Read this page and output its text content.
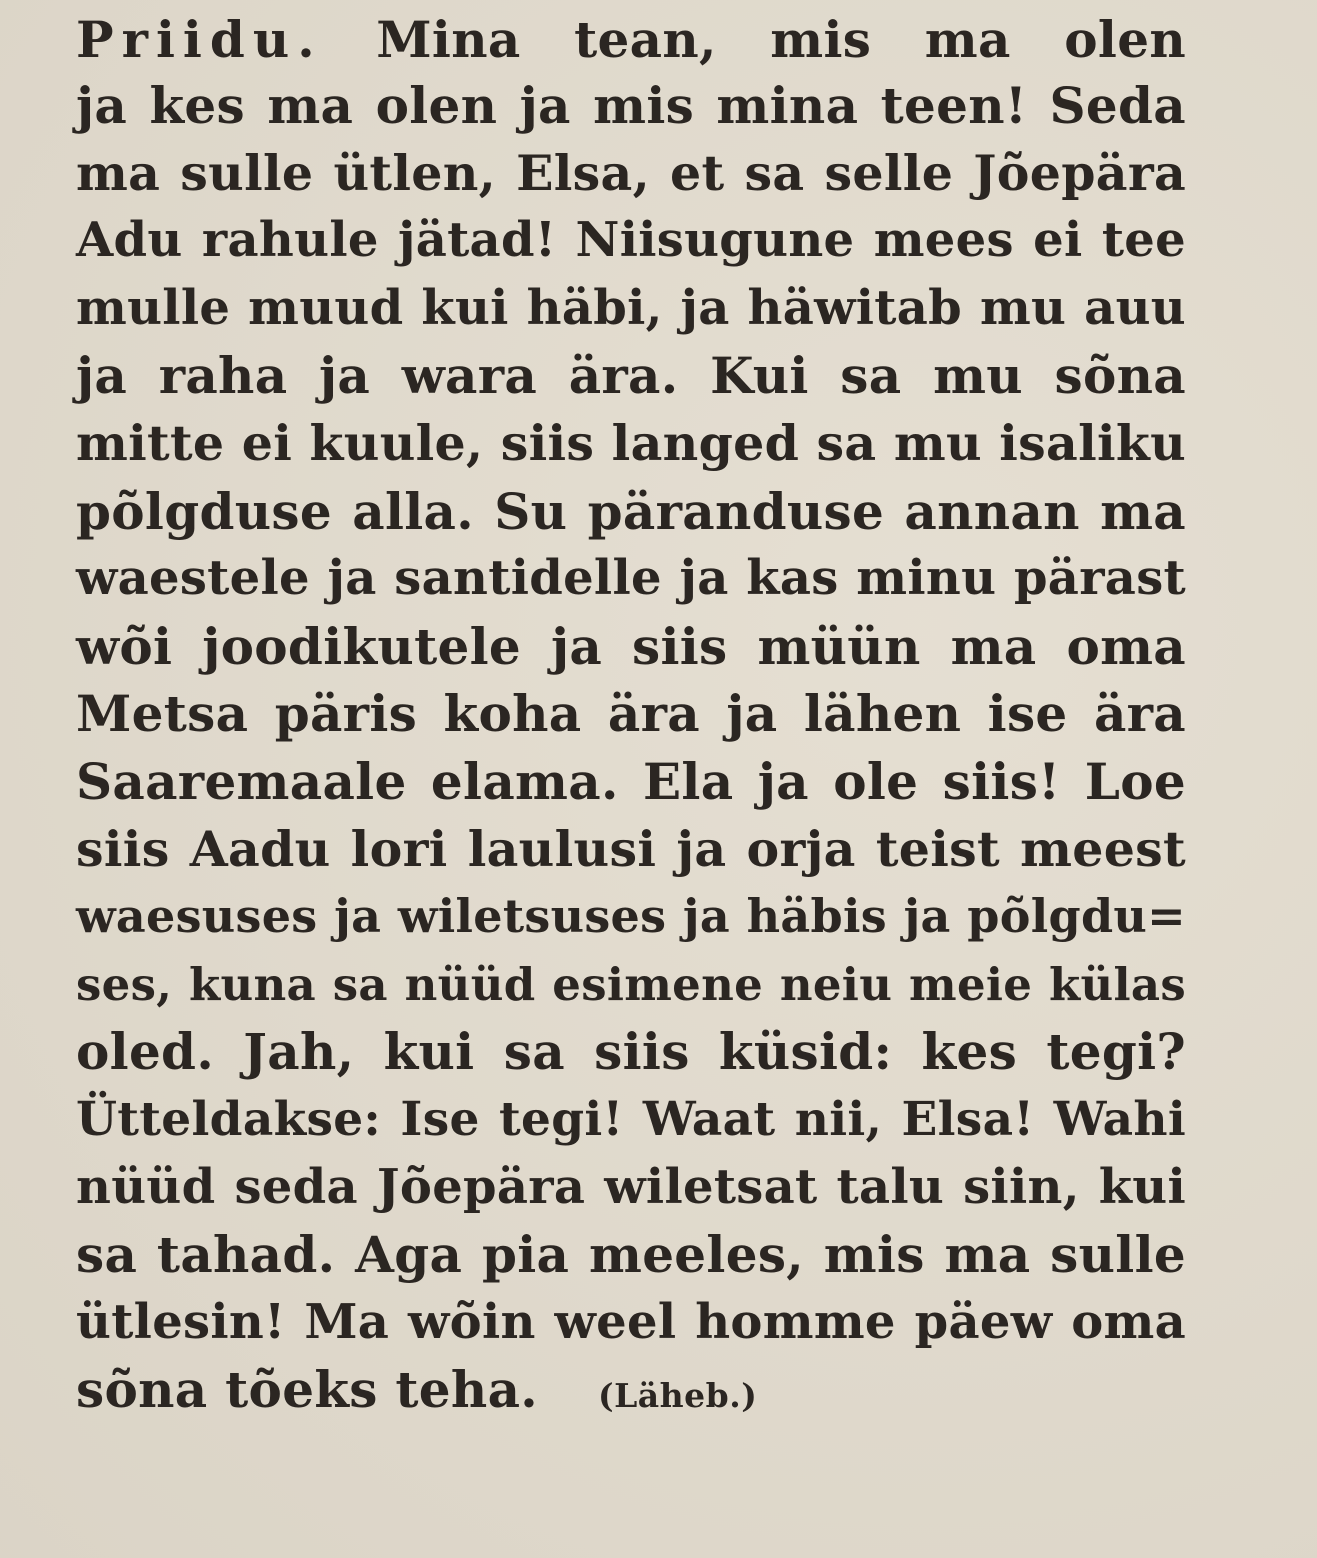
Priidu. Mina tean, mis ma olen
ja kes ma olen ja mis mina teen! Seda
ma sulle ütlen, Elsa, et sa selle Jõepära
Adu rahule jätad! Niisugune mees ei tee
mulle muud kui häbi, ja häwitab mu auu
ja raha ja wara ära. Kui sa mu sõna
mitte ei kuule, siis langed sa mu isaliku
põlgduse alla. Su päranduse annan ma
waestele ja santidelle ja kas minu pärast
wõi joodikutele ja siis müün ma oma
Metsa päris koha ära ja lähen ise ära
Saaremaale elama. Ela ja ole siis! Loe
siis Aadu lori laulusi ja orja teist meest
waesuses ja wiletsuses ja häbis ja põlgdu=
ses, kuna sa nüüd esimene neiu meie külas
oled. Jah, kui sa siis küsid: kes tegi?
Ütteldakse: Ise tegi! Waat nii, Elsa! Wahi
nüüd seda Jõepära wiletsat talu siin, kui
sa tahad. Aga pia meeles, mis ma sulle
ütlesin! Ma wõin weel homme päew oma
sõna tõeks teha. (Läheb.)
